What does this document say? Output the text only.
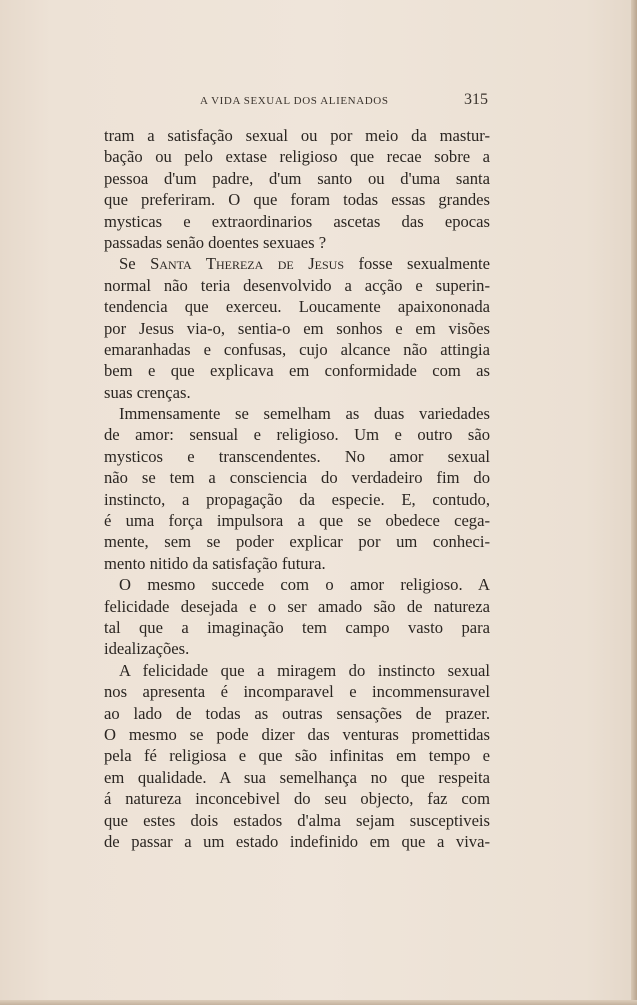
A VIDA SEXUAL DOS ALIENADOS	315
tram a satisfação sexual ou por meio da mastur-
bação ou pelo extase religioso que recae sobre a
pessoa d'um padre, d'um santo ou d'uma santa
que preferiram. O que foram todas essas grandes
mysticas e extraordinarios ascetas das epocas
passadas senão doentes sexuaes ?
Se Santa Thereza de Jesus fosse sexualmente
normal não teria desenvolvido a acção e superin-
tendencia que exerceu. Loucamente apaixononada
por Jesus via-o, sentia-o em sonhos e em visões
emaranhadas e confusas, cujo alcance não attingia
bem e que explicava em conformidade com as
suas crenças.
Immensamente se semelham as duas variedades
de amor: sensual e religioso. Um e outro são
mysticos e transcendentes. No amor sexual
não se tem a consciencia do verdadeiro fim do
instincto, a propagação da especie. E, contudo,
é uma força impulsora a que se obedece cega-
mente, sem se poder explicar por um conheci-
mento nitido da satisfação futura.
O mesmo succede com o amor religioso. A
felicidade desejada e o ser amado são de natureza
tal que a imaginação tem campo vasto para
idealizações.
A felicidade que a miragem do instincto sexual
nos apresenta é incomparavel e incommensuravel
ao lado de todas as outras sensações de prazer.
O mesmo se pode dizer das venturas promettidas
pela fé religiosa e que são infinitas em tempo e
em qualidade. A sua semelhança no que respeita
á natureza inconcebivel do seu objecto, faz com
que estes dois estados d'alma sejam susceptiveis
de passar a um estado indefinido em que a viva-
